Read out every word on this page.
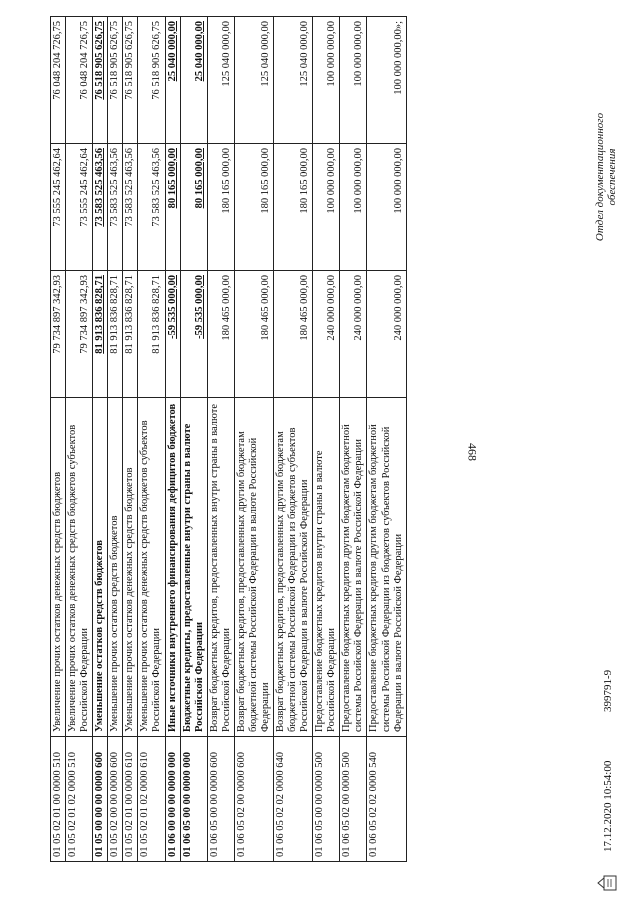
468
01 05 02 01 00 0000 510	Увеличение прочих остатков денежных средств бюджетов	79 734 897 342,93	73 555 245 462,64	76 048 204 726,75
01 05 02 01 02 0000 510	Увеличение прочих остатков денежных средств бюджетов субъектов Российской Федерации	79 734 897 342,93	73 555 245 462,64	76 048 204 726,75
01 05 00 00 00 0000 600	Уменьшение остатков средств бюджетов	81 913 836 828,71	73 583 525 463,56	76 518 905 626,75
01 05 02 00 00 0000 600	Уменьшение прочих остатков средств бюджетов	81 913 836 828,71	73 583 525 463,56	76 518 905 626,75
01 05 02 01 00 0000 610	Уменьшение прочих остатков денежных средств бюджетов	81 913 836 828,71	73 583 525 463,56	76 518 905 626,75
01 05 02 01 02 0000 610	Уменьшение прочих остатков денежных средств бюджетов субъектов Российской Федерации	81 913 836 828,71	73 583 525 463,56	76 518 905 626,75
01 06 00 00 00 0000 000	Иные источники внутреннего финансирования дефицитов бюджетов	-59 535 000,00	80 165 000,00	25 040 000,00
01 06 05 00 00 0000 000	Бюджетные кредиты, предоставленные внутри страны в валюте Российской Федерации	-59 535 000,00	80 165 000,00	25 040 000,00
01 06 05 00 00 0000 600	Возврат бюджетных кредитов, предоставленных внутри страны в валюте Российской Федерации	180 465 000,00	180 165 000,00	125 040 000,00
01 06 05 02 00 0000 600	Возврат бюджетных кредитов, предоставленных другим бюджетам бюджетной системы Российской Федерации в валюте Российской Федерации	180 465 000,00	180 165 000,00	125 040 000,00
01 06 05 02 02 0000 640	Возврат бюджетных кредитов, предоставленных другим бюджетам бюджетной системы Российской Федерации из бюджетов субъектов Российской Федерации в валюте Российской Федерации	180 465 000,00	180 165 000,00	125 040 000,00
01 06 05 00 00 0000 500	Предоставление бюджетных кредитов внутри страны в валюте Российской Федерации	240 000 000,00	100 000 000,00	100 000 000,00
01 06 05 02 00 0000 500	Предоставление бюджетных кредитов другим бюджетам бюджетной системы Российской Федерации в валюте Российской Федерации	240 000 000,00	100 000 000,00	100 000 000,00
01 06 05 02 02 0000 540	Предоставление бюджетных кредитов другим бюджетам бюджетной системы Российской Федерации из бюджетов субъектов Российской Федерации в валюте Российской Федерации	240 000 000,00	100 000 000,00	100 000 000,00»;
17.12.2020 10:54:00
399791-9
Отдел документационного обеспечения
